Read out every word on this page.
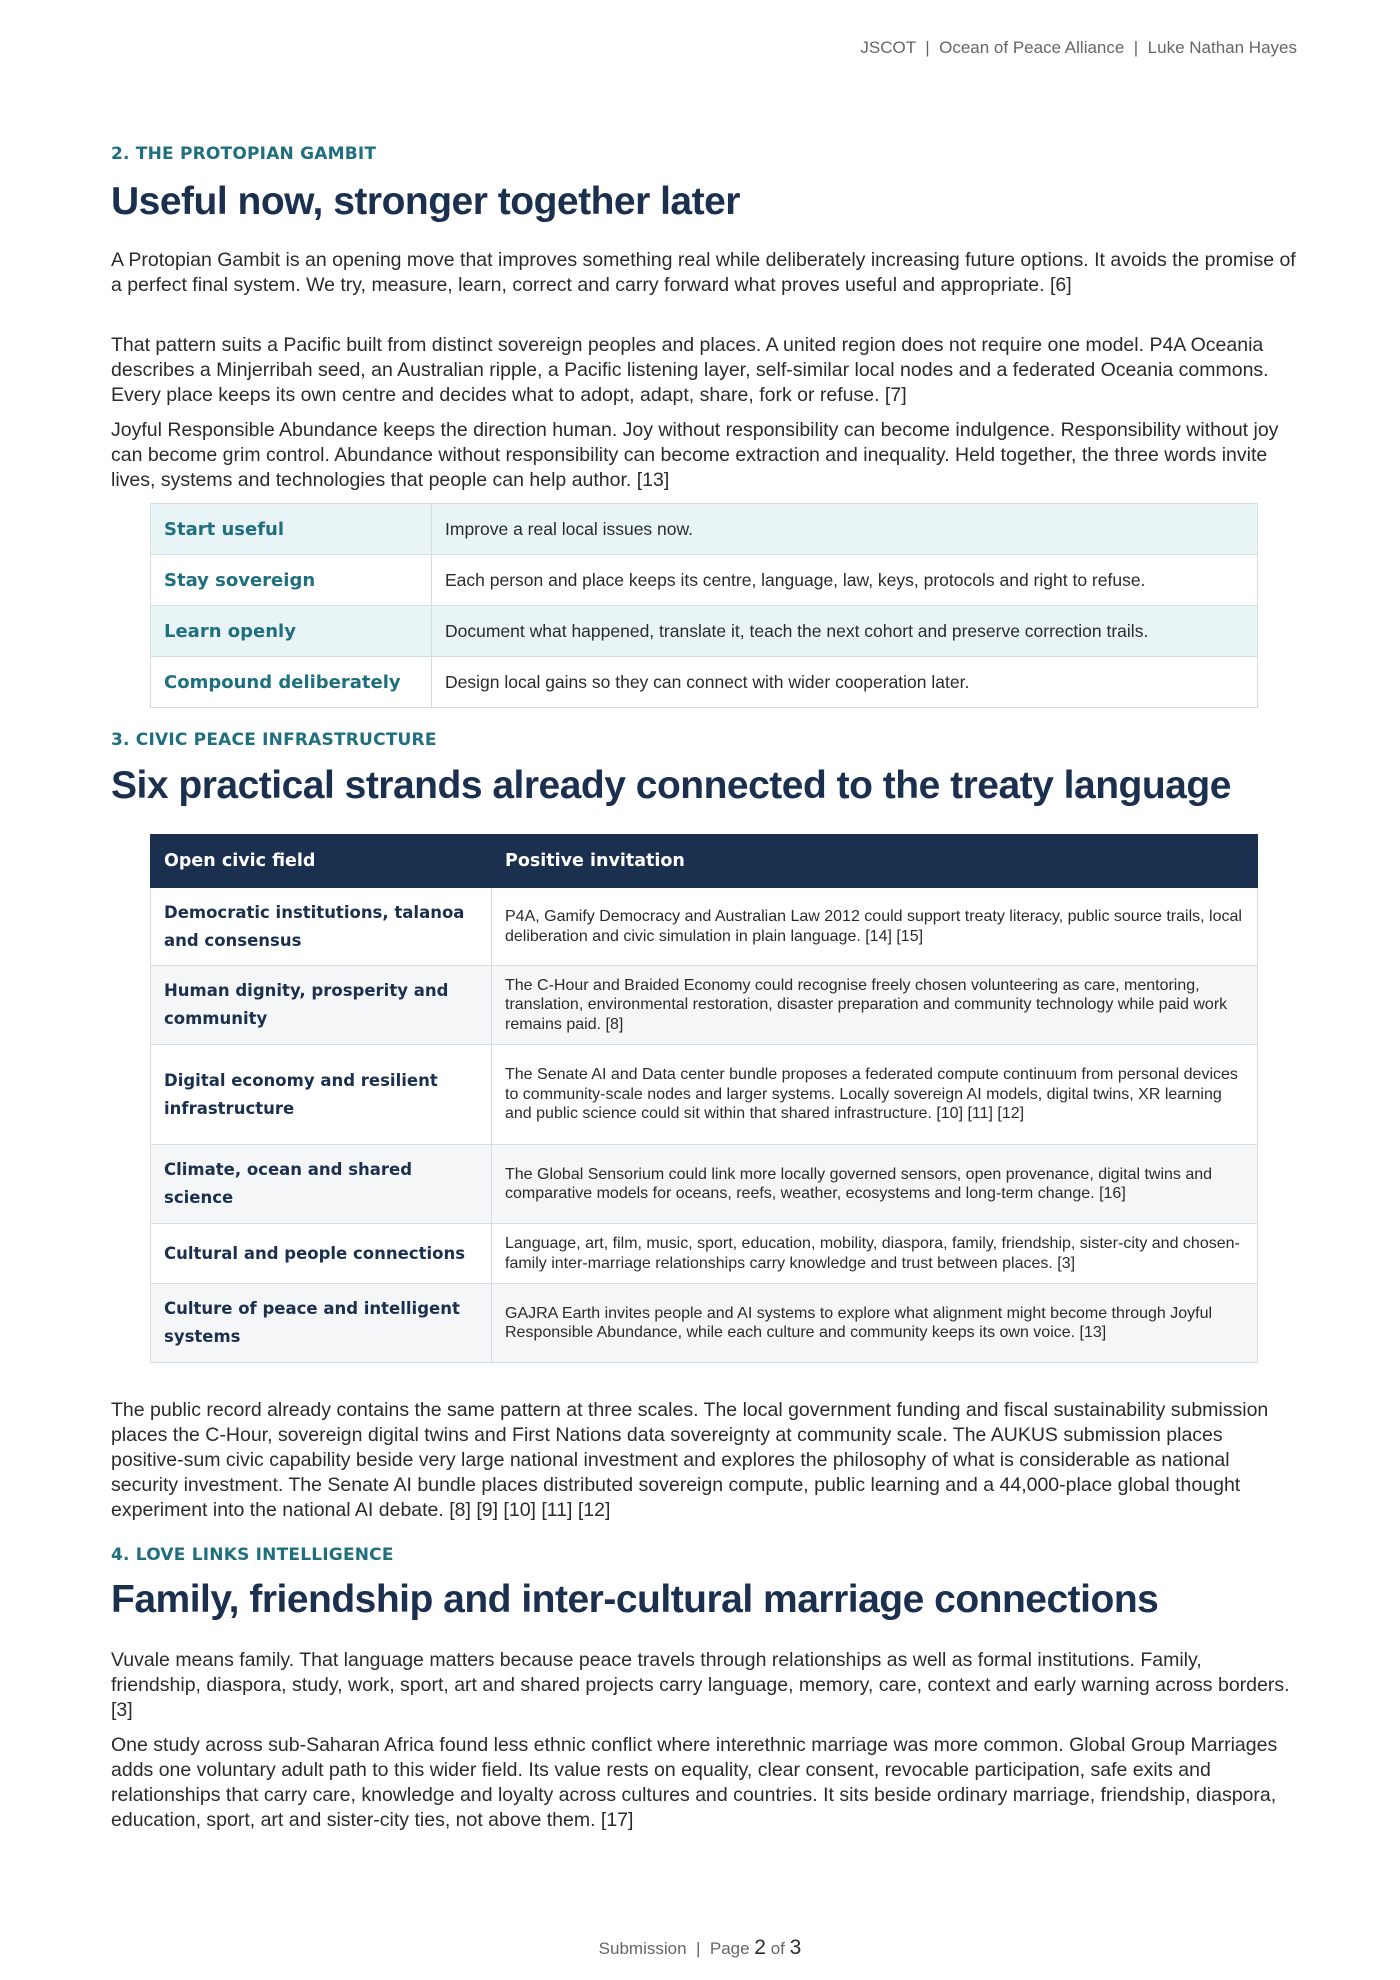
JSCOT | Ocean of Peace Alliance | Luke Nathan Hayes
2. THE PROTOPIAN GAMBIT
Useful now, stronger together later

A Protopian Gambit is an opening move that improves something real while deliberately increasing future options. It avoids the promise of a perfect final system. We try, measure, learn, correct and carry forward what proves useful and appropriate. [6]

That pattern suits a Pacific built from distinct sovereign peoples and places. A united region does not require one model. P4A Oceania describes a Minjerribah seed, an Australian ripple, a Pacific listening layer, self-similar local nodes and a federated Oceania commons. Every place keeps its own centre and decides what to adopt, adapt, share, fork or refuse. [7]

Joyful Responsible Abundance keeps the direction human. Joy without responsibility can become indulgence. Responsibility without joy can become grim control. Abundance without responsibility can become extraction and inequality. Held together, the three words invite lives, systems and technologies that people can help author. [13]

Start useful	Improve a real local issues now.
Stay sovereign	Each person and place keeps its centre, language, law, keys, protocols and right to refuse.
Learn openly	Document what happened, translate it, teach the next cohort and preserve correction trails.
Compound deliberately	Design local gains so they can connect with wider cooperation later.
3. CIVIC PEACE INFRASTRUCTURE
Six practical strands already connected to the treaty language
Open civic field	Positive invitation
Democratic institutions, talanoa and consensus	P4A, Gamify Democracy and Australian Law 2012 could support treaty literacy, public source trails, local deliberation and civic simulation in plain language. [14] [15]
Human dignity, prosperity and community	The C-Hour and Braided Economy could recognise freely chosen volunteering as care, mentoring, translation, environmental restoration, disaster preparation and community technology while paid work remains paid. [8]
Digital economy and resilient infrastructure	The Senate AI and Data center bundle proposes a federated compute continuum from personal devices to community-scale nodes and larger systems. Locally sovereign AI models, digital twins, XR learning and public science could sit within that shared infrastructure. [10] [11] [12]
Climate, ocean and shared science	The Global Sensorium could link more locally governed sensors, open provenance, digital twins and comparative models for oceans, reefs, weather, ecosystems and long-term change. [16]
Cultural and people connections	Language, art, film, music, sport, education, mobility, diaspora, family, friendship, sister-city and chosen-family inter-marriage relationships carry knowledge and trust between places. [3]
Culture of peace and intelligent systems	GAJRA Earth invites people and AI systems to explore what alignment might become through Joyful Responsible Abundance, while each culture and community keeps its own voice. [13]

The public record already contains the same pattern at three scales. The local government funding and fiscal sustainability submission places the C-Hour, sovereign digital twins and First Nations data sovereignty at community scale. The AUKUS submission places positive-sum civic capability beside very large national investment and explores the philosophy of what is considerable as national security investment. The Senate AI bundle places distributed sovereign compute, public learning and a 44,000-place global thought experiment into the national AI debate. [8] [9] [10] [11] [12]

4. LOVE LINKS INTELLIGENCE
Family, friendship and inter-cultural marriage connections

Vuvale means family. That language matters because peace travels through relationships as well as formal institutions. Family, friendship, diaspora, study, work, sport, art and shared projects carry language, memory, care, context and early warning across borders. [3]

One study across sub-Saharan Africa found less ethnic conflict where interethnic marriage was more common. Global Group Marriages adds one voluntary adult path to this wider field. Its value rests on equality, clear consent, revocable participation, safe exits and relationships that carry care, knowledge and loyalty across cultures and countries. It sits beside ordinary marriage, friendship, diaspora, education, sport, art and sister-city ties, not above them. [17]

Submission  |  Page 2 of 3
